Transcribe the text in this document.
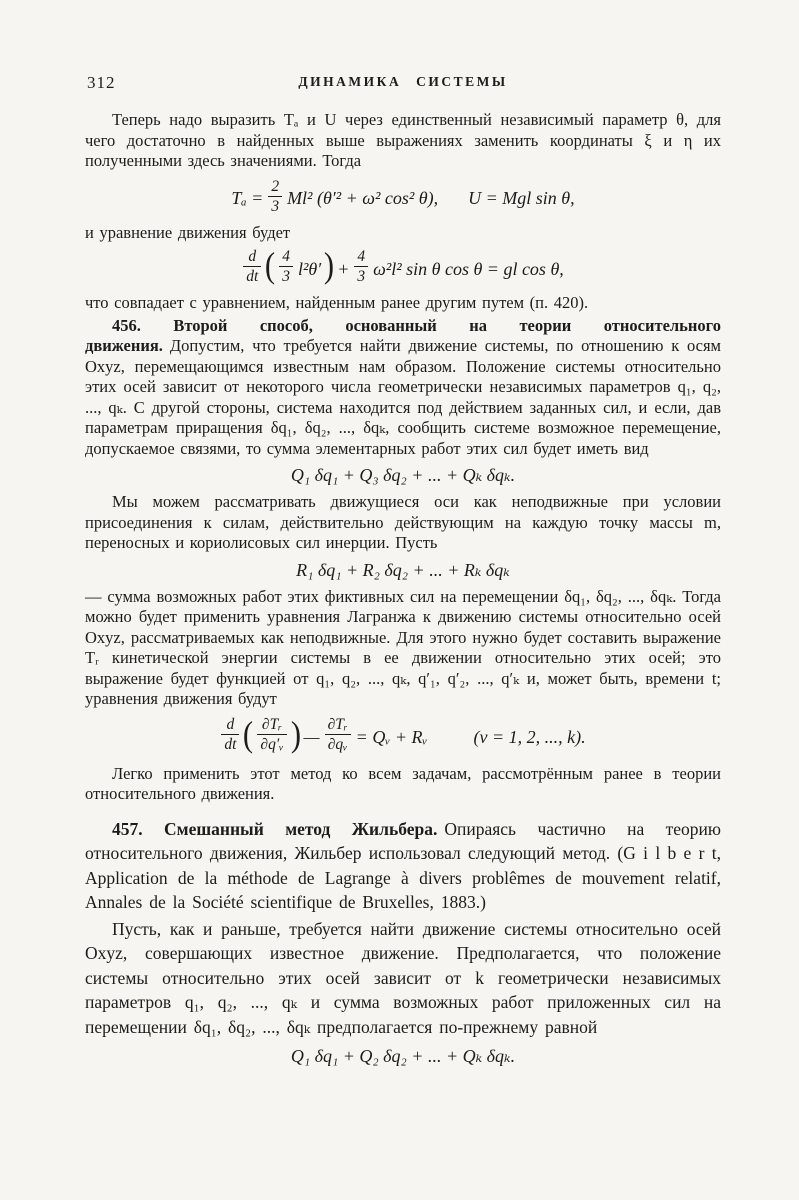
312	ДИНАМИКА СИСТЕМЫ

Теперь надо выразить Tₐ и U через единственный независимый параметр θ, для чего достаточно в найденных выше выражениях заменить координаты ξ и η их полученными здесь значениями. Тогда

$T_a = \frac{2}{3} Ml^2$ (θ′² + ω² cos² θ), U = Mgl sin θ,

и уравнение движения будет

$\frac{d}{dt}$ ( $\frac{4}{3} l^2\theta') + \frac{4}{3} \omega^2l^2$ sin θ cos θ = gl cos θ,

что совпадает с уравнением, найденным ранее другим путем (п. 420).

456. Второй способ, основанный на теории относительного движения. Допустим, что требуется найти движение системы, по отношению к осям Oxyz, перемещающимся известным нам образом. Положение системы относительно этих осей зависит от некоторого числа геометрически независимых параметров q₁, q₂, ..., qₖ. С другой стороны, система находится под действием заданных сил, и если, дав параметрам приращения δq₁, δq₂, ..., δqₖ, сообщить системе возможное перемещение, допускаемое связями, то сумма элементарных работ этих сил будет иметь вид

Q₁ δq₁ + Q₃ δq₂ + ... + Qₖ δqₖ.

Мы можем рассматривать движущиеся оси как неподвижные при условии присоединения к силам, действительно действующим на каждую точку массы m, переносных и кориолисовых сил инерции. Пусть

R₁ δq₁ + R₂ δq₂ + ... + Rₖ δqₖ

— сумма возможных работ этих фиктивных сил на перемещении δq₁, δq₂, ..., δqₖ. Тогда можно будет применить уравнения Лагранжа к движению системы относительно осей Oxyz, рассматриваемых как неподвижные. Для этого нужно будет составить выражение Tᵣ кинетической энергии системы в ее движении относительно этих осей; это выражение будет функцией от q₁, q₂, ..., qₖ, q′₁, q′₂, ..., q′ₖ и, может быть, времени t; уравнения движения будут

$\frac{d}{dt}$ ( $\frac{\text{∂Tᵣ}}{\text{∂q′ᵥ}}$ ) — $\frac{\text{∂Tᵣ}}{\text{∂qᵥ}}$ = Qᵥ + Rᵥ	(ν = 1, 2, ..., k).

Легко применить этот метод ко всем задачам, рассмотрённым ранее в теории относительного движения.

457. Смешанный метод Жильбера. Опираясь частично на теорию относительного движения, Жильбер использовал следующий метод. (G i l b e r t, Application de la méthode de Lagrange à divers problêmes de mouvement relatif, Annales de la Société scientifique de Bruxelles, 1883.)

Пусть, как и раньше, требуется найти движение системы относительно осей Oxyz, совершающих известное движение. Предполагается, что положение системы относительно этих осей зависит от k геометрически независимых параметров q₁, q₂, ..., qₖ и сумма возможных работ приложенных сил на перемещении δq₁, δq₂, ..., δqₖ предполагается по-прежнему равной

Q₁ δq₁ + Q₂ δq₂ + ... + Qₖ δqₖ.
